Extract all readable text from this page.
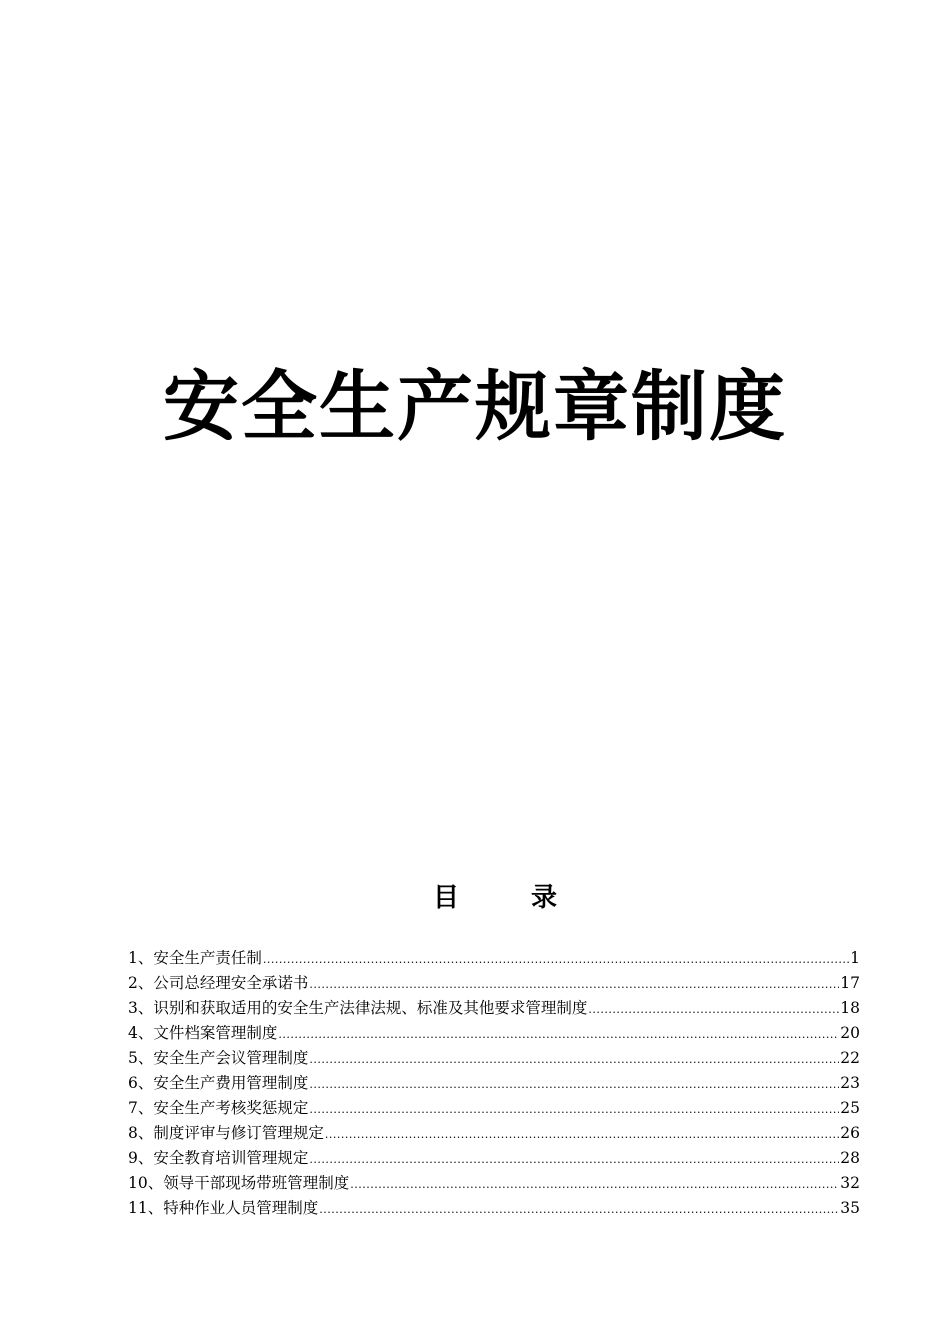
安全生产规章制度
目	录
1、安全生产责任制 .....	1
2、公司总经理安全承诺书 .....	17
3、识别和获取适用的安全生产法律法规、标准及其他要求管理制度 .....	18
4、文件档案管理制度 .....	20
5、安全生产会议管理制度 .....	22
6、安全生产费用管理制度 .....	23
7、安全生产考核奖惩规定 .....	25
8、制度评审与修订管理规定 .....	26
9、安全教育培训管理规定 .....	28
10、领导干部现场带班管理制度 .....	32
11、特种作业人员管理制度 .....	35
